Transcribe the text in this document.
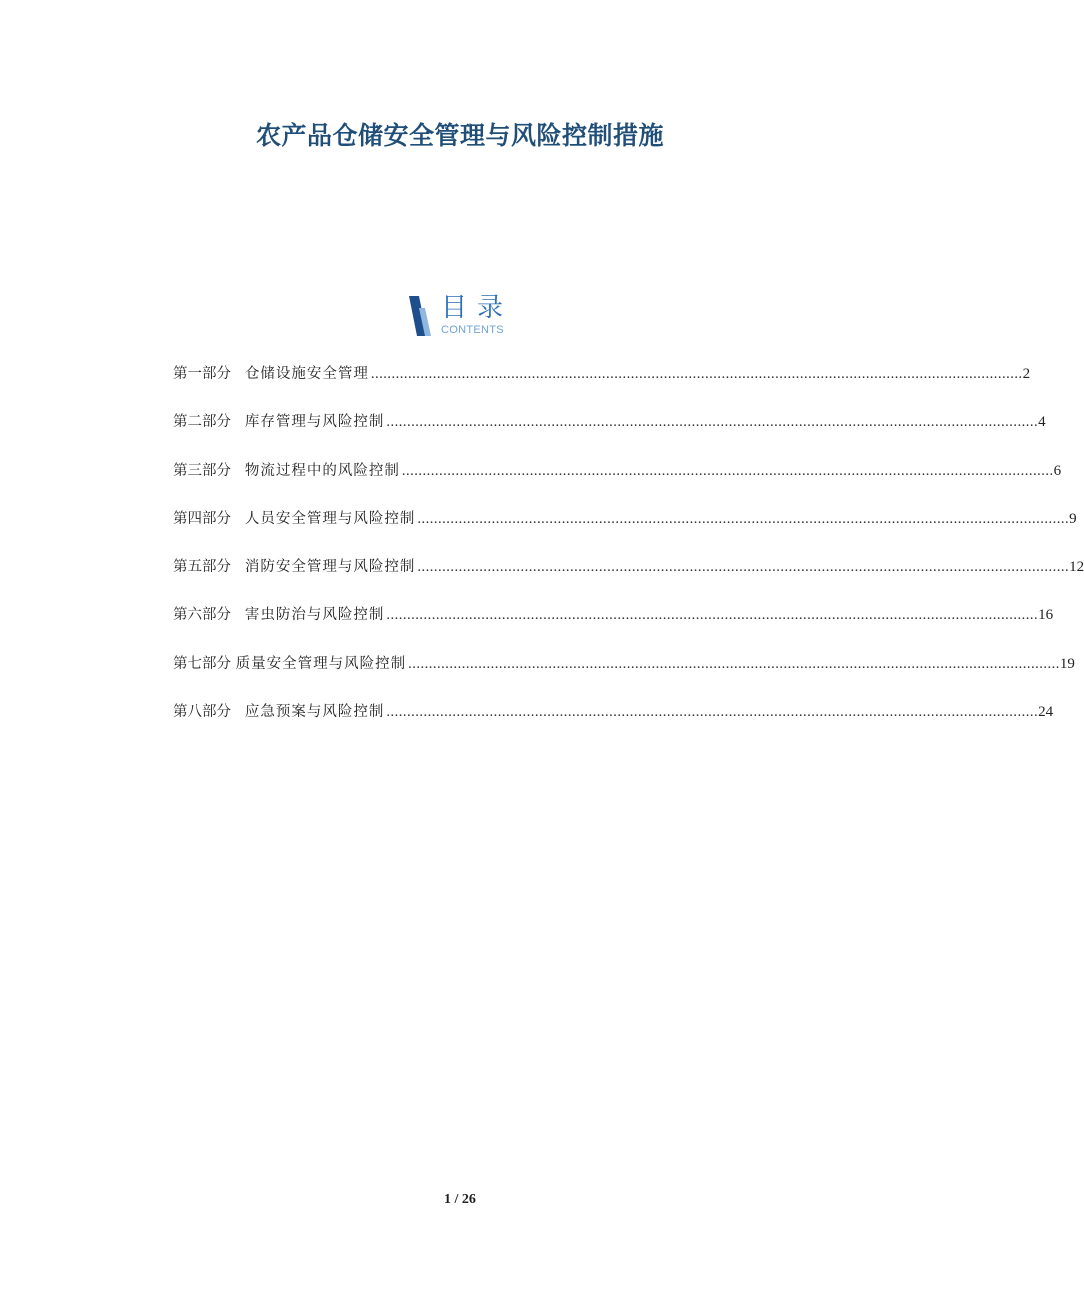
农产品仓储安全管理与风险控制措施
目录
CONTENTS
第一部分
仓储设施安全管理 .............................................................................................................................................................. 2
第二部分
库存管理与风险控制 .............................................................................................................................................................. 4
第三部分
物流过程中的风险控制 .............................................................................................................................................................. 6
第四部分
人员安全管理与风险控制 .............................................................................................................................................................. 9
第五部分
消防安全管理与风险控制 .............................................................................................................................................................. 12
第六部分
害虫防治与风险控制 .............................................................................................................................................................. 16
第七部分
质量安全管理与风险控制 .............................................................................................................................................................. 19
第八部分
应急预案与风险控制 .............................................................................................................................................................. 24
1 / 26
